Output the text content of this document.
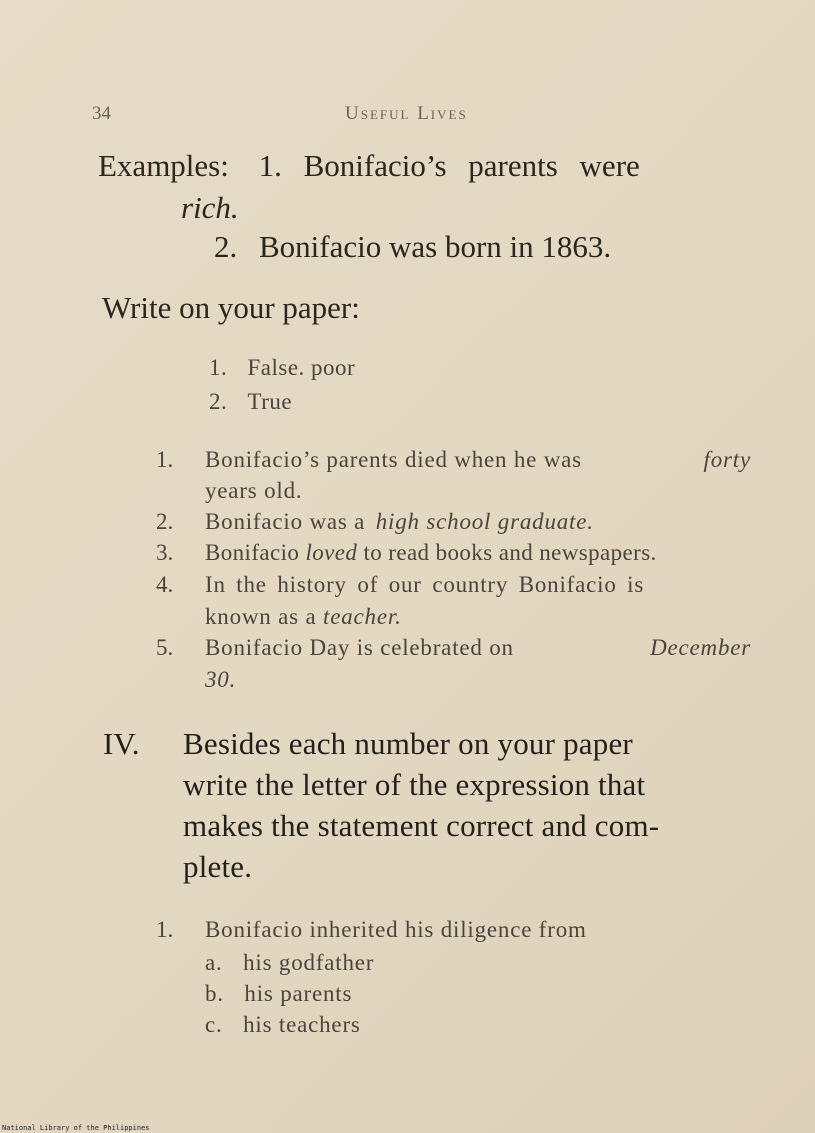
34	Useful Lives
Examples: 1. Bonifacio’s parents were
rich.
2. Bonifacio was born in 1863.
Write on your paper:
1. False. poor
2. True
1. Bonifacio’s parents died when he was	forty
years old.
2. Bonifacio was a high school graduate.
3. Bonifacio loved to read books and newspapers.
4. In the history of our country Bonifacio is
known as a teacher.
5. Bonifacio Day is celebrated on	December
30.
IV. Besides each number on your paper
write the letter of the expression that
makes the statement correct and com-
plete.
1. Bonifacio inherited his diligence from
a. his godfather
b. his parents
c. his teachers
National Library of the Philippines
